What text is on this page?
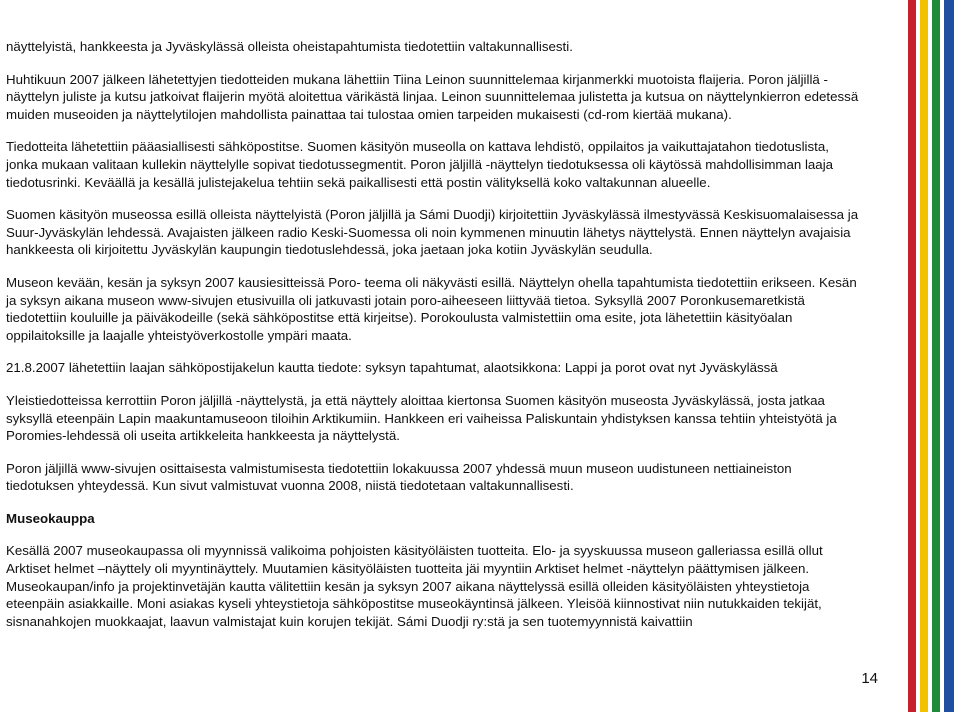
näyttelyistä, hankkeesta ja Jyväskylässä olleista oheistapahtumista tiedotettiin valtakunnallisesti.

Huhtikuun 2007 jälkeen lähetettyjen tiedotteiden mukana lähettiin Tiina Leinon suunnittelemaa kirjanmerkki muotoista flaijeria. Poron jäljillä -näyttelyn juliste ja kutsu jatkoivat flaijerin myötä aloitettua värikästä linjaa. Leinon suunnittelemaa julistetta ja kutsua on näyttelynkierron edetessä muiden museoiden ja näyttelytilojen mahdollista painattaa tai tulostaa omien tarpeiden mukaisesti (cd-rom kiertää mukana).

Tiedotteita lähetettiin pääasiallisesti sähköpostitse. Suomen käsityön museolla on kattava lehdistö, oppilaitos ja vaikuttajatahon tiedotuslista, jonka mukaan valitaan kullekin näyttelylle sopivat tiedotussegmentit. Poron jäljillä -näyttelyn tiedotuksessa oli käytössä mahdollisimman laaja tiedotusrinki. Keväällä ja kesällä julistejakelua tehtiin sekä paikallisesti että postin välityksellä koko valtakunnan alueelle.

Suomen käsityön museossa esillä olleista näyttelyistä (Poron jäljillä ja Sámi Duodji) kirjoitettiin Jyväskylässä ilmestyvässä Keskisuomalaisessa ja Suur-Jyväskylän lehdessä. Avajaisten jälkeen radio Keski-Suomessa oli noin kymmenen minuutin lähetys näyttelystä. Ennen näyttelyn avajaisia hankkeesta oli kirjoitettu Jyväskylän kaupungin tiedotuslehdessä, joka jaetaan joka kotiin Jyväskylän seudulla.

Museon kevään, kesän ja syksyn 2007 kausiesitteissä Poro- teema oli näkyvästi esillä. Näyttelyn ohella tapahtumista tiedotettiin erikseen. Kesän ja syksyn aikana museon www-sivujen etusivuilla oli jatkuvasti jotain poro-aiheeseen liittyvää tietoa. Syksyllä 2007 Poronkusemaretkistä tiedotettiin kouluille ja päiväkodeille (sekä sähköpostitse että kirjeitse). Porokoulusta valmistettiin oma esite, jota lähetettiin käsityöalan oppilaitoksille ja laajalle yhteistyöverkostolle ympäri maata.

21.8.2007 lähetettiin laajan sähköpostijakelun kautta tiedote: syksyn tapahtumat, alaotsikkona: Lappi ja porot ovat nyt Jyväskylässä

Yleistiedotteissa kerrottiin Poron jäljillä -näyttelystä, ja että näyttely aloittaa kiertonsa Suomen käsityön museosta Jyväskylässä, josta jatkaa syksyllä eteenpäin Lapin maakuntamuseoon tiloihin Arktikumiin. Hankkeen eri vaiheissa Paliskuntain yhdistyksen kanssa tehtiin yhteistyötä ja Poromies-lehdessä oli useita artikkeleita hankkeesta ja näyttelystä.

Poron jäljillä www-sivujen osittaisesta valmistumisesta tiedotettiin lokakuussa 2007 yhdessä muun museon uudistuneen nettiaineiston tiedotuksen yhteydessä. Kun sivut valmistuvat vuonna 2008, niistä tiedotetaan valtakunnallisesti.

Museokauppa

Kesällä 2007 museokaupassa oli myynnissä valikoima pohjoisten käsityöläisten tuotteita. Elo- ja syyskuussa museon galleriassa esillä ollut Arktiset helmet –näyttely oli myyntinäyttely. Muutamien käsityöläisten tuotteita jäi myyntiin Arktiset helmet -näyttelyn päättymisen jälkeen. Museokaupan/info ja projektinvetäjän kautta välitettiin kesän ja syksyn 2007 aikana näyttelyssä esillä olleiden käsityöläisten yhteystietoja eteenpäin asiakkaille. Moni asiakas kyseli yhteystietoja sähköpostitse museokäyntinsä jälkeen. Yleisöä kiinnostivat niin nutukkaiden tekijät, sisnanahkojen muokkaajat, laavun valmistajat kuin korujen tekijät. Sámi Duodji ry:stä ja sen tuotemyynnistä kaivattiin

14
